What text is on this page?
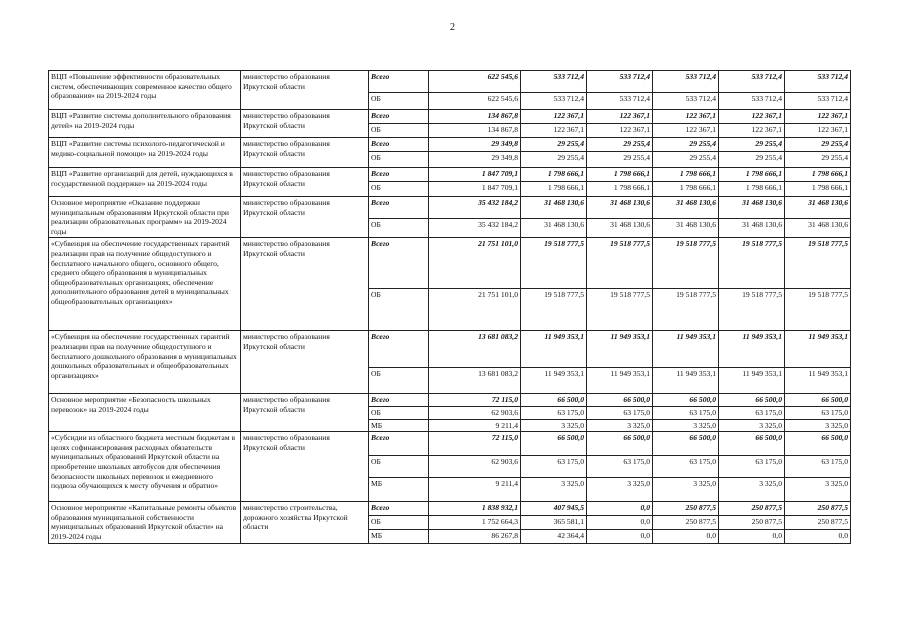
2
ВЦП «Повышение эффективности образовательных систем, обеспечивающих современное качество общего образования» на 2019-2024 годы	министерство образования Иркутской области	Всего	622 545,6	533 712,4	533 712,4	533 712,4	533 712,4	533 712,4
		ОБ	622 545,6	533 712,4	533 712,4	533 712,4	533 712,4	533 712,4
ВЦП «Развитие системы дополнительного образования детей» на 2019-2024 годы	министерство образования Иркутской области	Всего	134 867,8	122 367,1	122 367,1	122 367,1	122 367,1	122 367,1
		ОБ	134 867,8	122 367,1	122 367,1	122 367,1	122 367,1	122 367,1
ВЦП «Развитие системы психолого-педагогической и медико-социальной помощи» на 2019-2024 годы	министерство образования Иркутской области	Всего	29 349,8	29 255,4	29 255,4	29 255,4	29 255,4	29 255,4
		ОБ	29 349,8	29 255,4	29 255,4	29 255,4	29 255,4	29 255,4
ВЦП «Развитие организаций для детей, нуждающихся в государственной поддержке» на 2019-2024 годы	министерство образования Иркутской области	Всего	1 847 709,1	1 798 666,1	1 798 666,1	1 798 666,1	1 798 666,1	1 798 666,1
		ОБ	1 847 709,1	1 798 666,1	1 798 666,1	1 798 666,1	1 798 666,1	1 798 666,1
Основное мероприятие «Оказание поддержки муниципальным образованиям Иркутской области при реализации образовательных программ» на 2019-2024 годы	министерство образования Иркутской области	Всего	35 432 184,2	31 468 130,6	31 468 130,6	31 468 130,6	31 468 130,6	31 468 130,6
		ОБ	35 432 184,2	31 468 130,6	31 468 130,6	31 468 130,6	31 468 130,6	31 468 130,6
«Субвенция на обеспечение государственных гарантий реализации прав на получение общедоступного и бесплатного начального общего, основного общего, среднего общего образования в муниципальных общеобразовательных организациях, обеспечение дополнительного образования детей в муниципальных общеобразовательных организациях»	министерство образования Иркутской области	Всего	21 751 101,0	19 518 777,5	19 518 777,5	19 518 777,5	19 518 777,5	19 518 777,5
		ОБ	21 751 101,0	19 518 777,5	19 518 777,5	19 518 777,5	19 518 777,5	19 518 777,5
«Субвенция на обеспечение государственных гарантий реализации прав на получение общедоступного и бесплатного дошкольного образования в муниципальных дошкольных образовательных и общеобразовательных организациях»	министерство образования Иркутской области	Всего	13 681 083,2	11 949 353,1	11 949 353,1	11 949 353,1	11 949 353,1	11 949 353,1
		ОБ	13 681 083,2	11 949 353,1	11 949 353,1	11 949 353,1	11 949 353,1	11 949 353,1
Основное мероприятие «Безопасность школьных перевозок» на 2019-2024 годы	министерство образования Иркутской области	Всего	72 115,0	66 500,0	66 500,0	66 500,0	66 500,0	66 500,0
		ОБ	62 903,6	63 175,0	63 175,0	63 175,0	63 175,0	63 175,0
		МБ	9 211,4	3 325,0	3 325,0	3 325,0	3 325,0	3 325,0
«Субсидии из областного бюджета местным бюджетам в целях софинансирования расходных обязательств муниципальных образований Иркутской области на приобретение школьных автобусов для обеспечения безопасности школьных перевозок и ежедневного подвоза обучающихся к месту обучения и обратно»	министерство образования Иркутской области	Всего	72 115,0	66 500,0	66 500,0	66 500,0	66 500,0	66 500,0
		ОБ	62 903,6	63 175,0	63 175,0	63 175,0	63 175,0	63 175,0
		МБ	9 211,4	3 325,0	3 325,0	3 325,0	3 325,0	3 325,0
Основное мероприятие «Капитальные ремонты объектов образования муниципальной собственности муниципальных образований Иркутской области» на 2019-2024 годы	министерство строительства, дорожного хозяйства Иркутской области	Всего	1 838 932,1	407 945,5	0,0	250 877,5	250 877,5	250 877,5
		ОБ	1 752 664,3	365 581,1	0,0	250 877,5	250 877,5	250 877,5
		МБ	86 267,8	42 364,4	0,0	0,0	0,0	0,0
